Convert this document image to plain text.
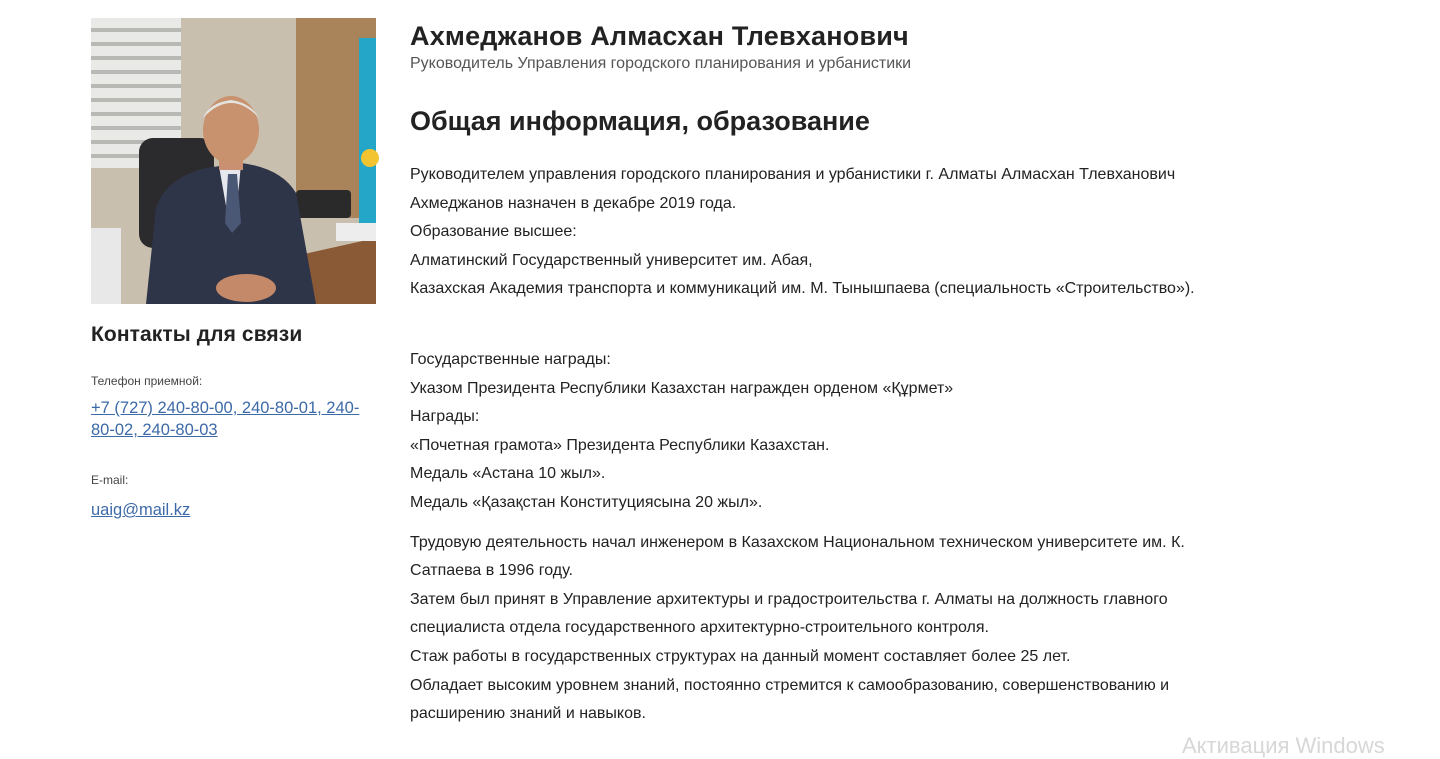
Контакты для связи
Телефон приемной:
+7 (727) 240-80-00, 240-80-01, 240-80-02, 240-80-03
E-mail:
uaig@mail.kz
Ахмеджанов Алмасхан Тлевханович
Руководитель Управления городского планирования и урбанистики
Общая информация, образование
Руководителем управления городского планирования и урбанистики г. Алматы Алмасхан Тлевханович
Ахмеджанов назначен в декабре 2019 года.
Образование высшее:
Алматинский Государственный университет им. Абая,
Казахская Академия транспорта и коммуникаций им. М. Тынышпаева (специальность «Строительство»).
Государственные награды:
Указом Президента Республики Казахстан награжден орденом «Құрмет»
Награды:
«Почетная грамота» Президента Республики Казахстан.
Медаль «Астана 10 жыл».
Медаль «Қазақстан Конституциясына 20 жыл».
Трудовую деятельность начал инженером в Казахском Национальном техническом университете им. К.
Сатпаева в 1996 году.
Затем был принят в Управление архитектуры и градостроительства г. Алматы на должность главного
специалиста отдела государственного архитектурно-строительного контроля.
Стаж работы в государственных структурах на данный момент составляет более 25 лет.
Обладает высоким уровнем знаний, постоянно стремится к самообразованию, совершенствованию и
расширению знаний и навыков.
Активация Windows
